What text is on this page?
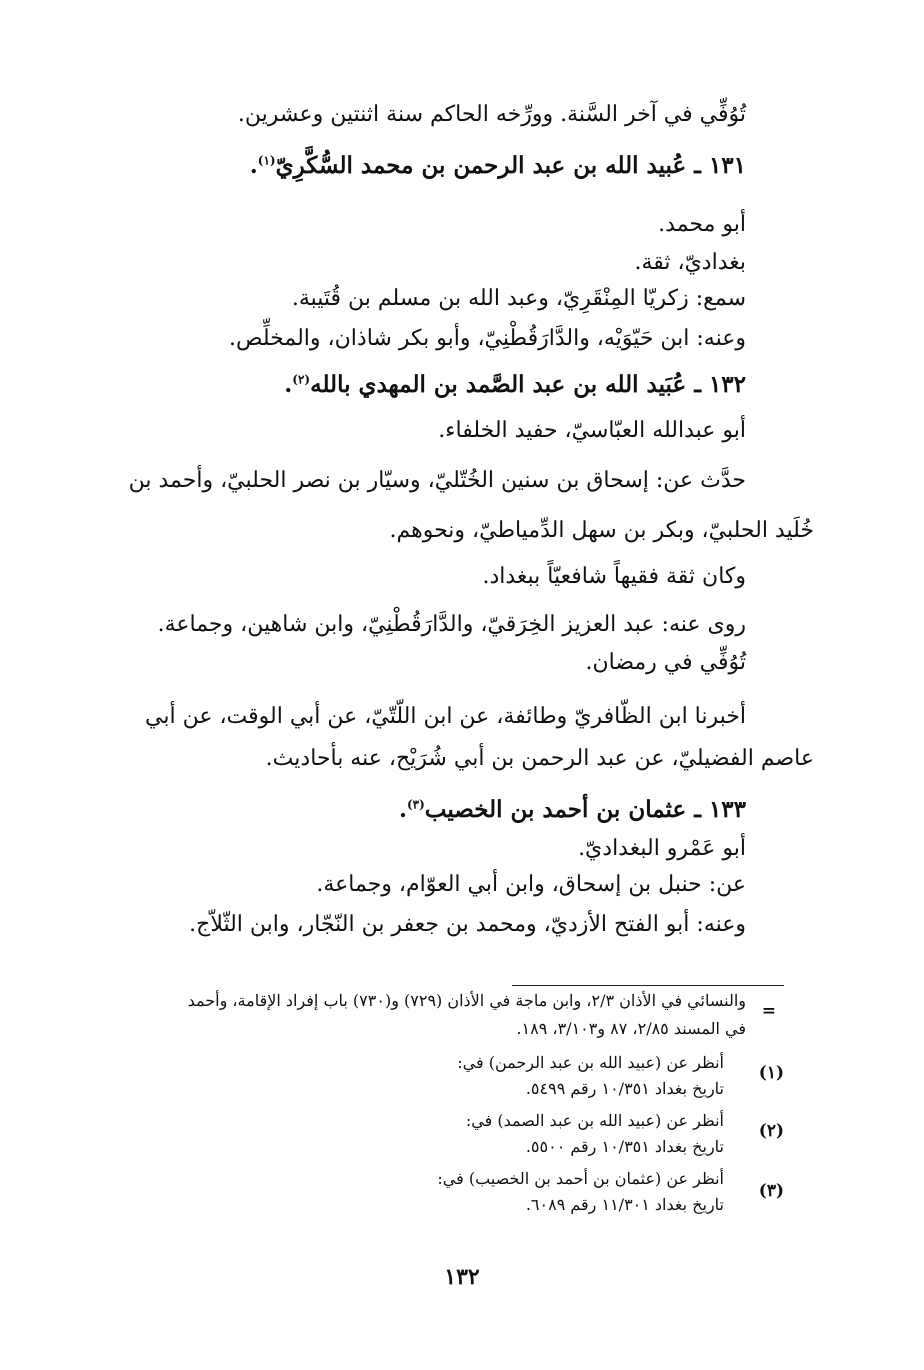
تُوُفِّي في آخر السَّنة. وورِّخه الحاكم سنة اثنتين وعشرين.
١٣١ ـ عُبيد الله بن عبد الرحمن بن محمد السُّكَّرِيّ$^{(١)}$.
أبو محمد.
بغداديّ، ثقة.
سمع: زكريّا المِنْقَرِيّ، وعبد الله بن مسلم بن قُتَيبة.
وعنه: ابن حَيّوَيْه، والدَّارَقُطْنِيّ، وأبو بكر شاذان، والمخلِّص.
١٣٢ ـ عُبَيد الله بن عبد الصَّمد بن المهدي بالله$^{(٢)}$.
أبو عبدالله العبّاسيّ، حفيد الخلفاء.
حدَّث عن: إسحاق بن سنين الخُتّليّ، وسيّار بن نصر الحلبيّ، وأحمد بن
خُلَيد الحلبيّ، وبكر بن سهل الدِّمياطيّ، ونحوهم.
وكان ثقة فقيهاً شافعيّاً ببغداد.
روى عنه: عبد العزيز الخِرَقيّ، والدَّارَقُطْنِيّ، وابن شاهين، وجماعة.
تُوُفِّي في رمضان.
أخبرنا ابن الظّافريّ وطائفة، عن ابن اللّتّيّ، عن أبي الوقت، عن أبي
عاصم الفضيليّ، عن عبد الرحمن بن أبي شُرَيْح، عنه بأحاديث.
١٣٣ ـ عثمان بن أحمد بن الخصيب$^{(٣)}$.
أبو عَمْرو البغداديّ.
عن: حنبل بن إسحاق، وابن أبي العوّام، وجماعة.
وعنه: أبو الفتح الأزديّ، ومحمد بن جعفر بن النّجّار، وابن الثّلاّج.
=
والنسائي في الأذان ٢/٣، وابن ماجة في الأذان (٧٢٩) و(٧٣٠) باب إفراد الإقامة، وأحمد
في المسند ٢/٨٥، ٨٧ و٣/١٠٣، ١٨٩.
(١)
أنظر عن (عبيد الله بن عبد الرحمن) في:
تاريخ بغداد ١٠/٣٥١ رقم ٥٤٩٩.
(٢)
أنظر عن (عبيد الله بن عبد الصمد) في:
تاريخ بغداد ١٠/٣٥١ رقم ٥٥٠٠.
(٣)
أنظر عن (عثمان بن أحمد بن الخصيب) في:
تاريخ بغداد ١١/٣٠١ رقم ٦٠٨٩.
١٣٢
